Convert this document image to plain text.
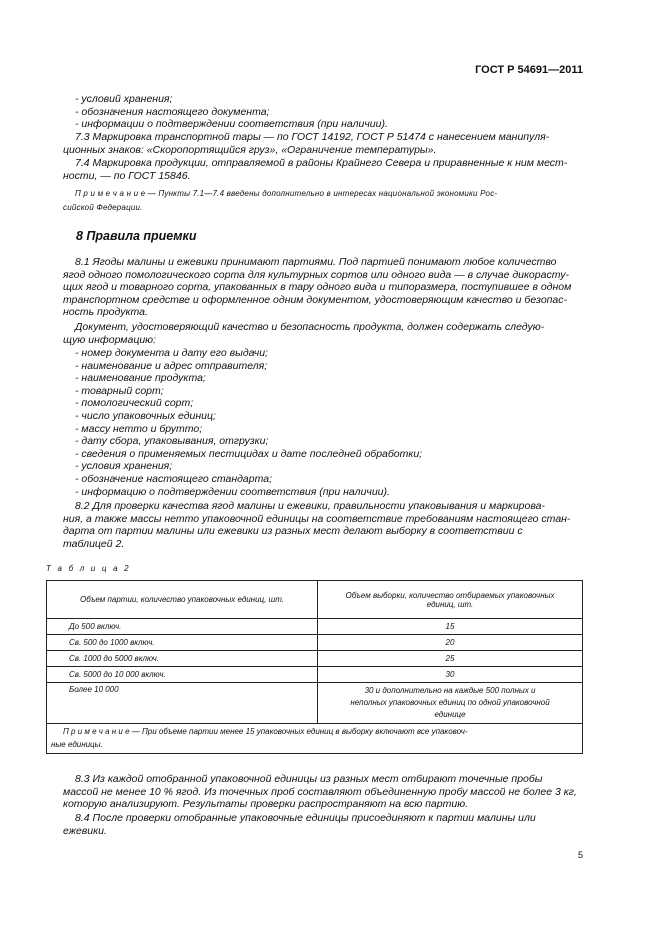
ГОСТ Р 54691—2011
- условий хранения;
- обозначения настоящего документа;
- информации о подтверждении соответствия (при наличии).
7.3 Маркировка транспортной тары — по ГОСТ 14192, ГОСТ Р 51474 с нанесением манипуля-
ционных знаков: «Скоропортящийся груз», «Ограничение температуры».
7.4 Маркировка продукции, отправляемой в районы Крайнего Севера и приравненные к ним мест-
ности, — по ГОСТ 15846.
П р и м е ч а н и е — Пункты 7.1—7.4 введены дополнительно в интересах национальной экономики Рос-
сийской Федерации.
8 Правила приемки
8.1 Ягоды малины и ежевики принимают партиями. Под партией понимают любое количество
ягод одного помологического сорта для культурных сортов или одного вида — в случае дикорасту-
щих ягод и товарного сорта, упакованных в тару одного вида и типоразмера, поступившее в одном
транспортном средстве и оформленное одним документом, удостоверяющим качество и безопас-
ность продукта.
Документ, удостоверяющий качество и безопасность продукта, должен содержать следую-
щую информацию:
- номер документа и дату его выдачи;
- наименование и адрес отправителя;
- наименование продукта;
- товарный сорт;
- помологический сорт;
- число упаковочных единиц;
- массу нетто и брутто;
- дату сбора, упаковывания, отгрузки;
- сведения о применяемых пестицидах и дате последней обработки;
- условия хранения;
- обозначение настоящего стандарта;
- информацию о подтверждении соответствия (при наличии).
8.2 Для проверки качества ягод малины и ежевики, правильности упаковывания и маркирова-
ния, а также массы нетто упаковочной единицы на соответствие требованиям настоящего стан-
дарта от партии малины или ежевики из разных мест делают выборку в соответствии с
таблицей 2.
Т а б л и ц а 2
Объем партии, количество упаковочных единиц, шт.	Объем выборки, количество отбираемых упаковочных
единиц, шт.

До 500 включ.	15
Св. 500 до 1000 включ.	20
Св. 1000 до 5000 включ.	25
Св. 5000 до 10 000 включ.	30
Более 10 000	30 и дополнительно на каждые 500 полных и
неполных упаковочных единиц по одной упаковочной
единице

П р и м е ч а н и е — При объеме партии менее 15 упаковочных единиц в выборку включают все упаковоч-
ные единицы.	
8.3 Из каждой отобранной упаковочной единицы из разных мест отбирают точечные пробы
массой не менее 10 % ягод. Из точечных проб составляют объединенную пробу массой не более 3 кг,
которую анализируют. Результаты проверки распространяют на всю партию.
8.4 После проверки отобранные упаковочные единицы присоединяют к партии малины или
ежевики.
5
